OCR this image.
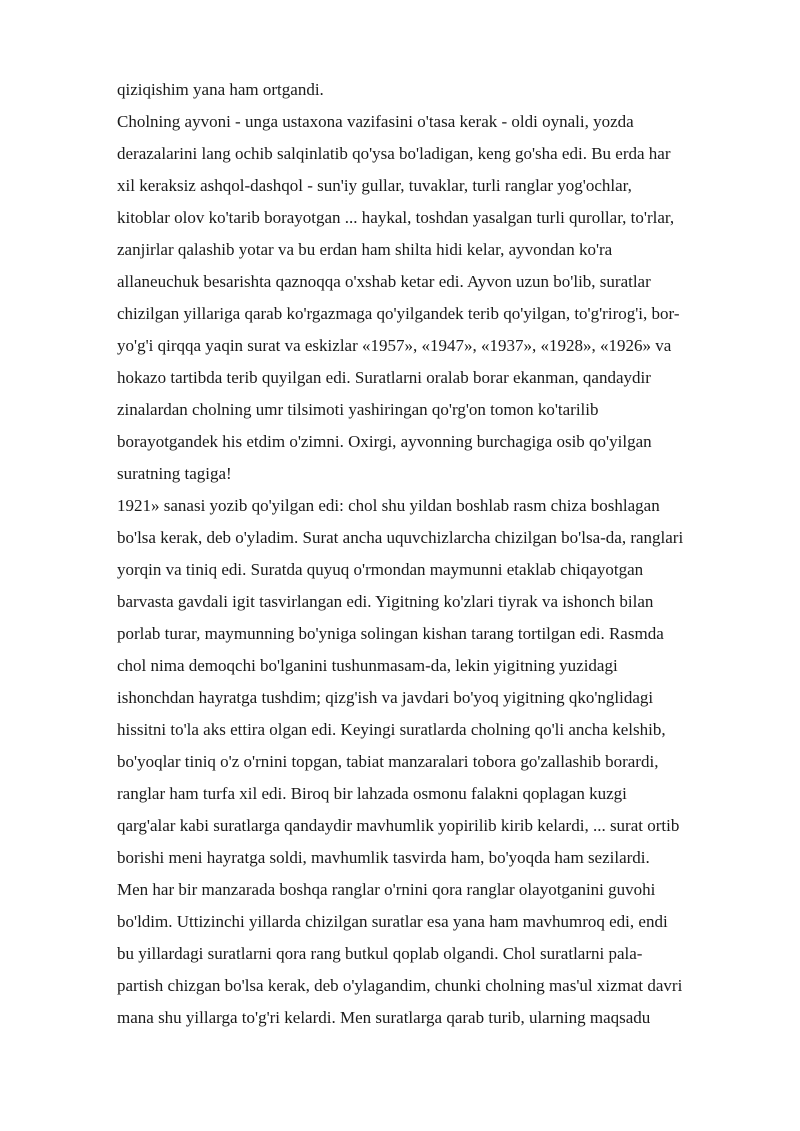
qiziqishim yana ham ortgandi.
Cholning ayvoni - unga ustaxona vazifasini o'tasa kerak - oldi oynali, yozda
derazalarini lang ochib salqinlatib qo'ysa bo'ladigan, keng go'sha edi. Bu erda har
xil keraksiz ashqol-dashqol - sun'iy gullar, tuvaklar, turli ranglar yog'ochlar,
kitoblar olov ko'tarib borayotgan ... haykal, toshdan yasalgan turli qurollar, to'rlar,
zanjirlar qalashib yotar va bu erdan ham shilta hidi kelar, ayvondan ko'ra
allaneuchuk besarishta qaznoqqa o'xshab ketar edi. Ayvon uzun bo'lib, suratlar
chizilgan yillariga qarab ko'rgazmaga qo'yilgandek terib qo'yilgan, to'g'rirog'i, bor-
yo'g'i qirqqa yaqin surat va eskizlar «1957», «1947», «1937», «1928», «1926» va
hokazo tartibda terib quyilgan edi. Suratlarni oralab borar ekanman, qandaydir
zinalardan cholning umr tilsimoti yashiringan qo'rg'on tomon ko'tarilib
borayotgandek his etdim o'zimni. Oxirgi, ayvonning burchagiga osib qo'yilgan
suratning tagiga!
1921» sanasi yozib qo'yilgan edi: chol shu yildan boshlab rasm chiza boshlagan
bo'lsa kerak, deb o'yladim. Surat ancha uquvchizlarcha chizilgan bo'lsa-da, ranglari
yorqin va tiniq edi. Suratda quyuq o'rmondan maymunni etaklab chiqayotgan
barvasta gavdali igit tasvirlangan edi. Yigitning ko'zlari tiyrak va ishonch bilan
porlab turar, maymunning bo'yniga solingan kishan tarang tortilgan edi. Rasmda
chol nima demoqchi bo'lganini tushunmasam-da, lekin yigitning yuzidagi
ishonchdan hayratga tushdim; qizg'ish va javdari bo'yoq yigitning qko'nglidagi
hissitni to'la aks ettira olgan edi. Keyingi suratlarda cholning qo'li ancha kelshib,
bo'yoqlar tiniq o'z o'rnini topgan, tabiat manzaralari tobora go'zallashib borardi,
ranglar ham turfa xil edi. Biroq bir lahzada osmonu falakni qoplagan kuzgi
qarg'alar kabi suratlarga qandaydir mavhumlik yopirilib kirib kelardi, ... surat ortib
borishi meni hayratga soldi, mavhumlik tasvirda ham, bo'yoqda ham sezilardi.
Men har bir manzarada boshqa ranglar o'rnini qora ranglar olayotganini guvohi
bo'ldim. Uttizinchi yillarda chizilgan suratlar esa yana ham mavhumroq edi, endi
bu yillardagi suratlarni qora rang butkul qoplab olgandi. Chol suratlarni pala-
partish chizgan bo'lsa kerak, deb o'ylagandim, chunki cholning mas'ul xizmat davri
mana shu yillarga to'g'ri kelardi. Men suratlarga qarab turib, ularning maqsadu
